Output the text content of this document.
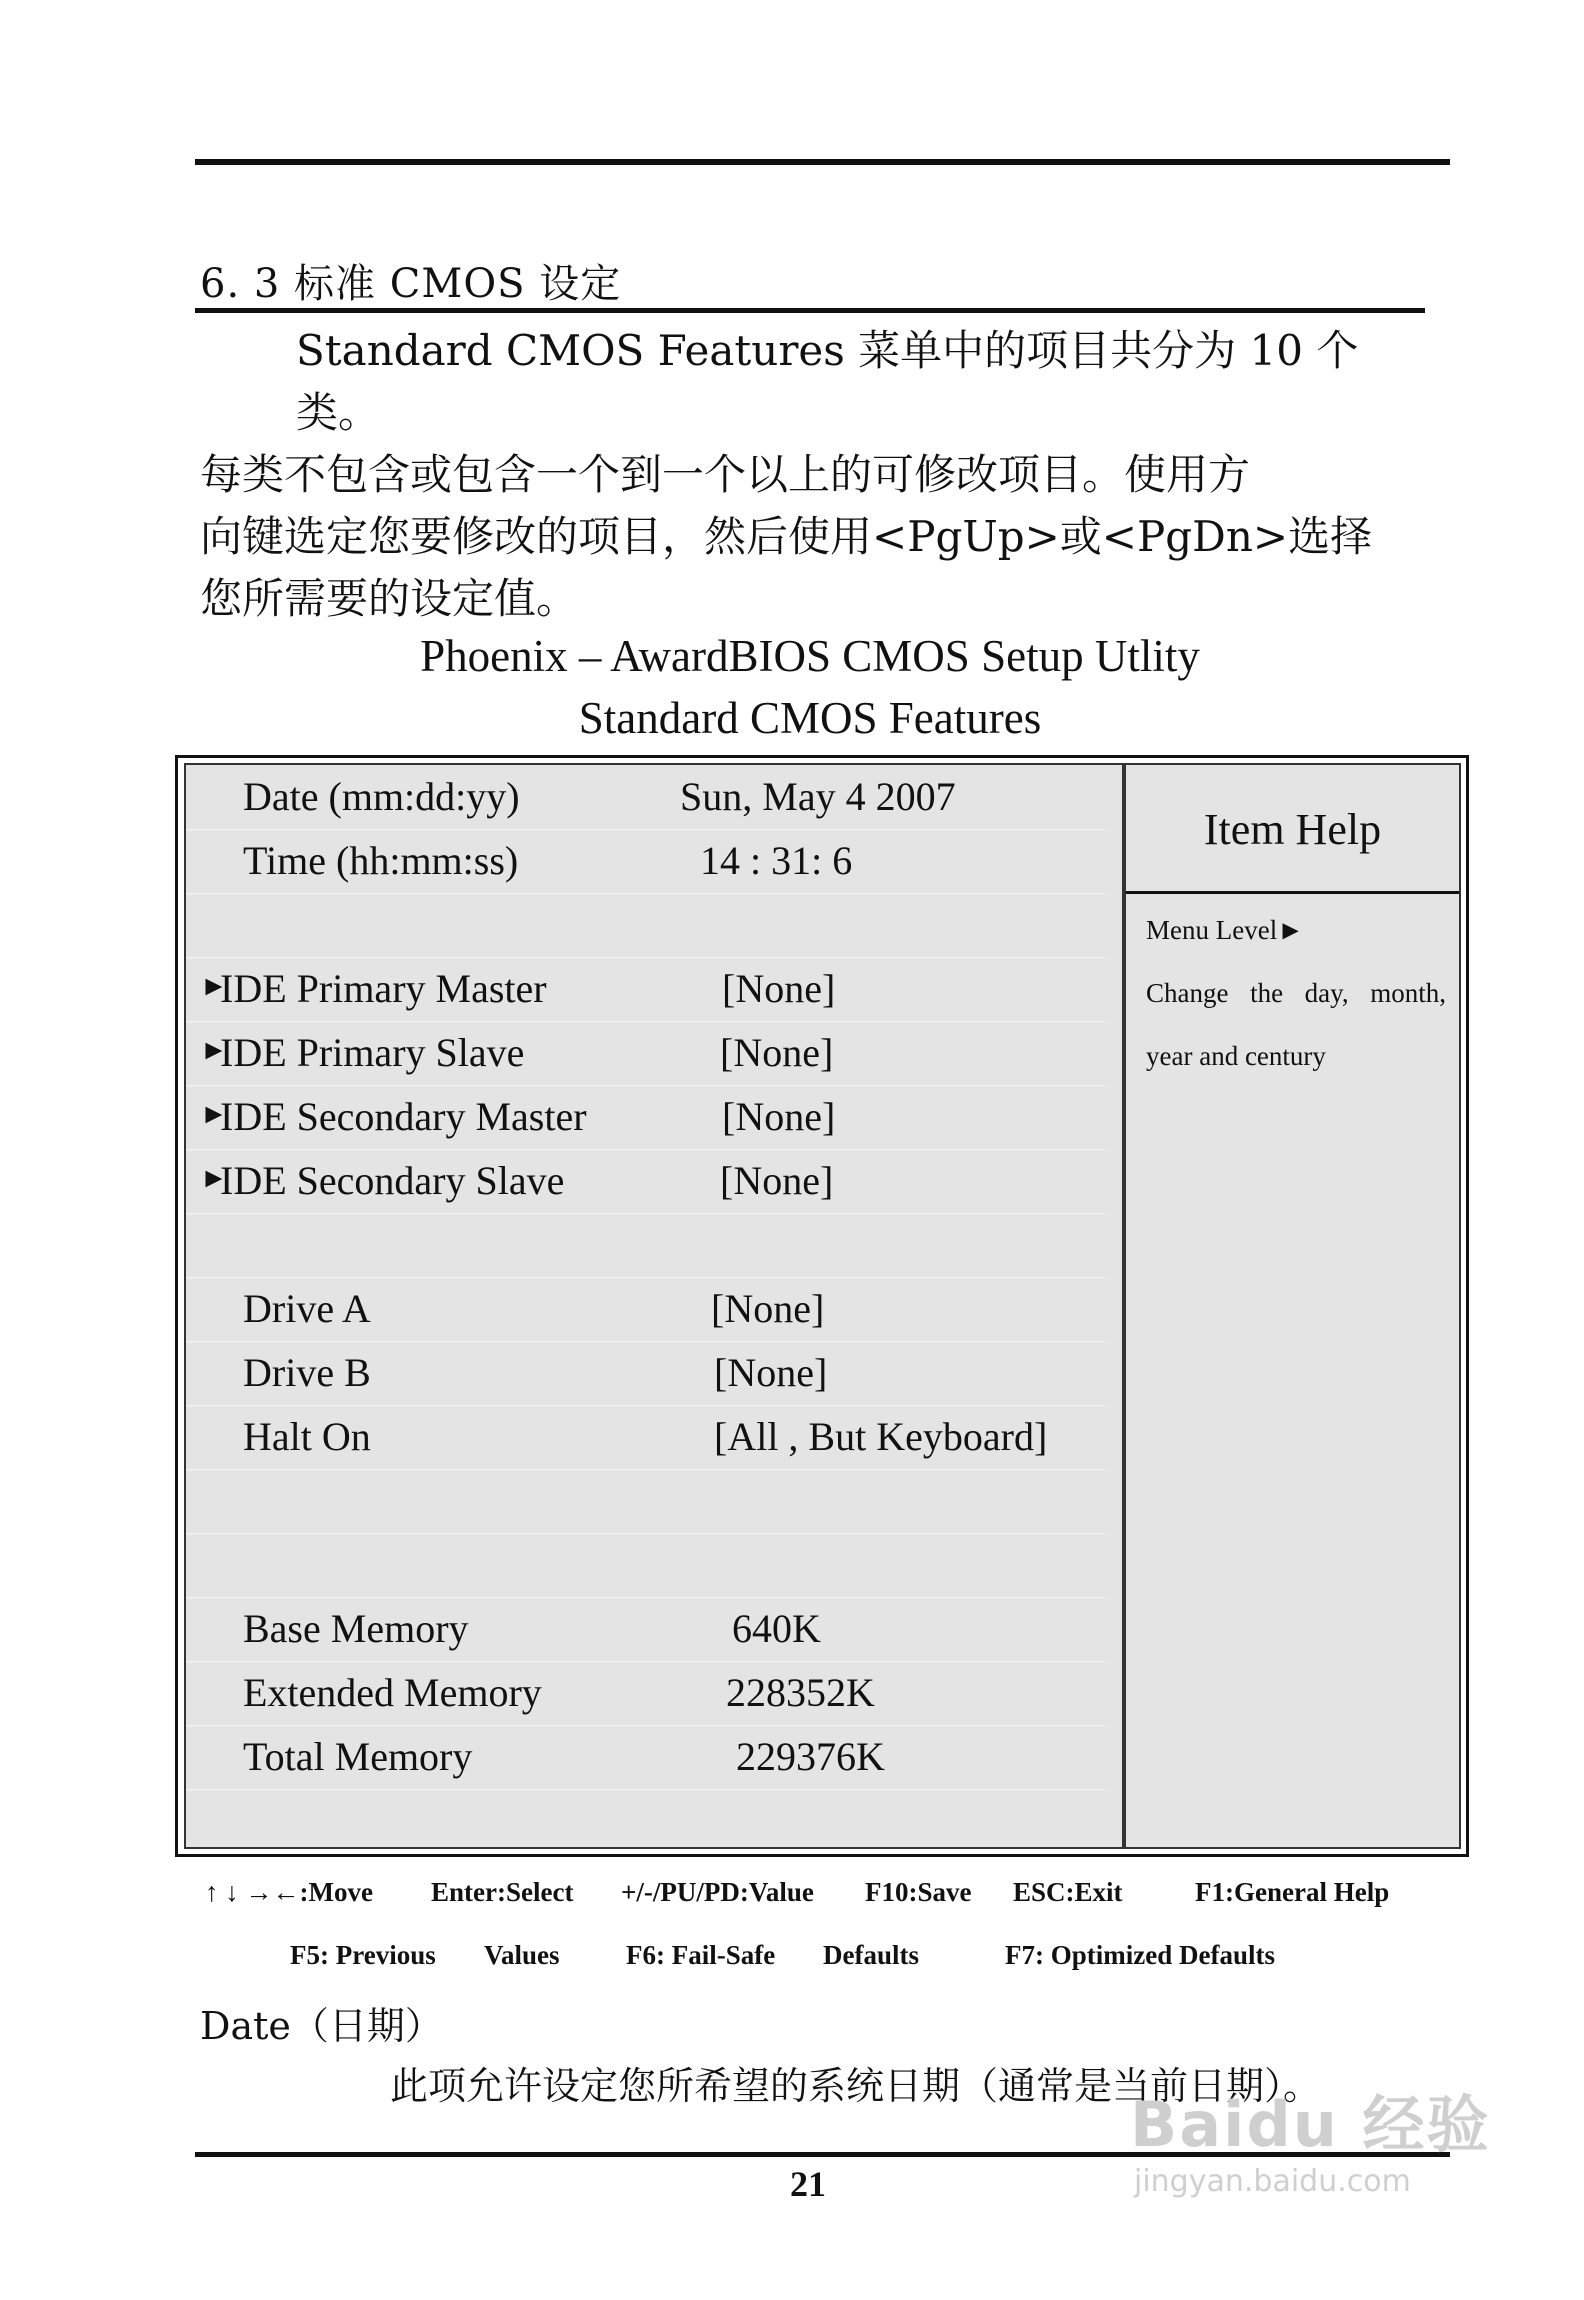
6. 3 标准 CMOS 设定

Standard CMOS Features 菜单中的项目共分为 10 个类。

每类不包含或包含一个到一个以上的可修改项目。使用方

向键选定您要修改的项目，然后使用<PgUp>或<PgDn>选择

您所需要的设定值。

Phoenix – AwardBIOS CMOS Setup Utlity
Standard CMOS Features
Date (mm:dd:yy)	Sun, May 4 2007
Time (hh:mm:ss)	14 : 31: 6
►
IDE Primary Master	[None]
►
IDE Primary Slave	[None]
►
IDE Secondary Master	[None]
►
IDE Secondary Slave	[None]
Drive A	[None]
Drive B	[None]
Halt On	[All , But Keyboard]
Base Memory	640K
Extended Memory	228352K
Total Memory	229376K
Item Help
Menu Level►
Change the day, month,
year and century
↑ ↓ →←:Move Enter:Select +/-/PU/PD:Value F10:Save ESC:Exit	F1:General Help
F5: Previous Values F6: Fail-Safe Defaults	F7: Optimized Defaults
Date（日期）
此项允许设定您所希望的系统日期（通常是当前日期）。
21
Baidu 经验
jingyan.baidu.com
